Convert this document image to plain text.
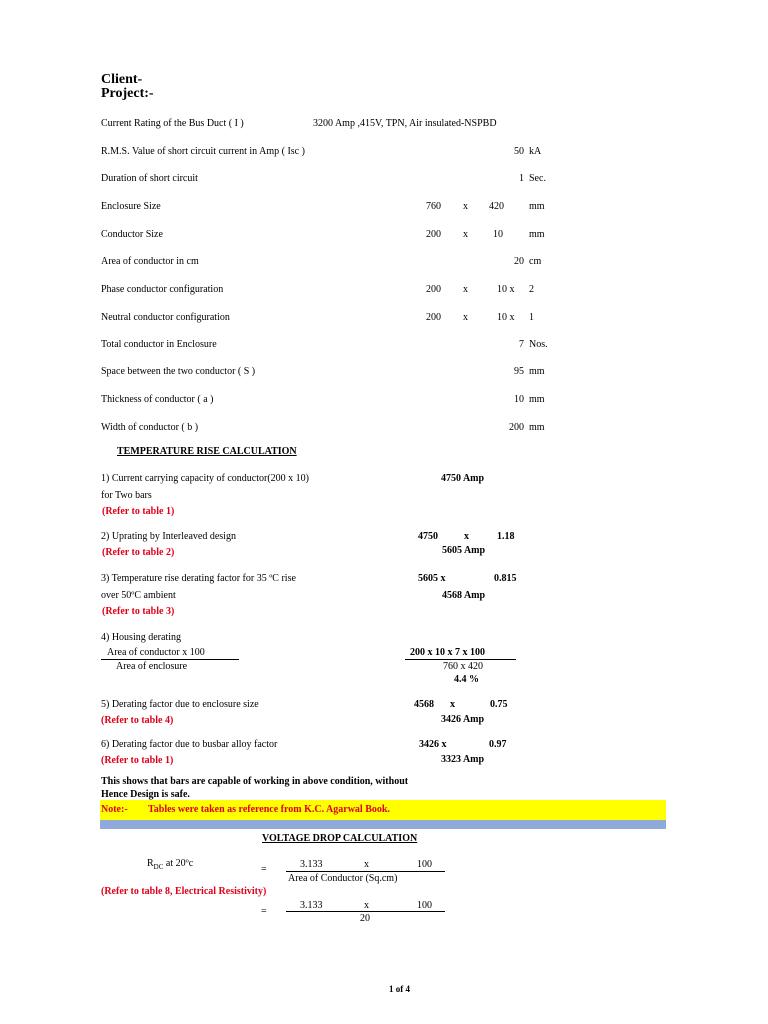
Client-
Project:-
Current Rating of the Bus Duct ( I )	3200 Amp ,415V, TPN, Air insulated-NSPBD
R.M.S. Value of short circuit current in Amp ( Isc )	50 kA
Duration of short circuit	1 Sec.
Enclosure Size	760 x 420	mm
Conductor Size	200 x	10	mm
Area of conductor in cm	20 cm
Phase conductor configuration	200 x	10 x 2
Neutral conductor configuration	200 x	10 x 1
Total conductor in Enclosure	7 Nos.
Space between the two conductor ( S )	95 mm
Thickness of conductor ( a )	10 mm
Width of conductor ( b )	200 mm
TEMPERATURE RISE CALCULATION
1) Current carrying capacity of conductor(200 x 10)	4750 Amp
for Two bars
(Refer to table 1)
2) Uprating by Interleaved design	4750	x	1.18
(Refer to table 2)	5605 Amp
3) Temperature rise derating factor for 35 ºC rise	5605 x	0.815
over 50ºC ambient	4568 Amp
(Refer to table 3)
4) Housing derating
Area of conductor x 100
Area of enclosure
200 x 10 x 7 x 100
760 x 420
4.4 %
5) Derating factor due to enclosure size	4568 x	0.75
(Refer to table 4)	3426 Amp
6) Derating factor due to busbar alloy factor	3426 x	0.97
(Refer to table 1)	3323 Amp
This shows that bars are capable of working in above condition, without
Hence Design is safe.
Note:- Tables were taken as reference from K.C. Agarwal Book.
VOLTAGE DROP CALCULATION
$R_{DC}$ at 20ºc
=	3.133	x	100
Area of Conductor (Sq.cm)
(Refer to table 8, Electrical Resistivity)
=
3.133	x	100
20
1 of 4
